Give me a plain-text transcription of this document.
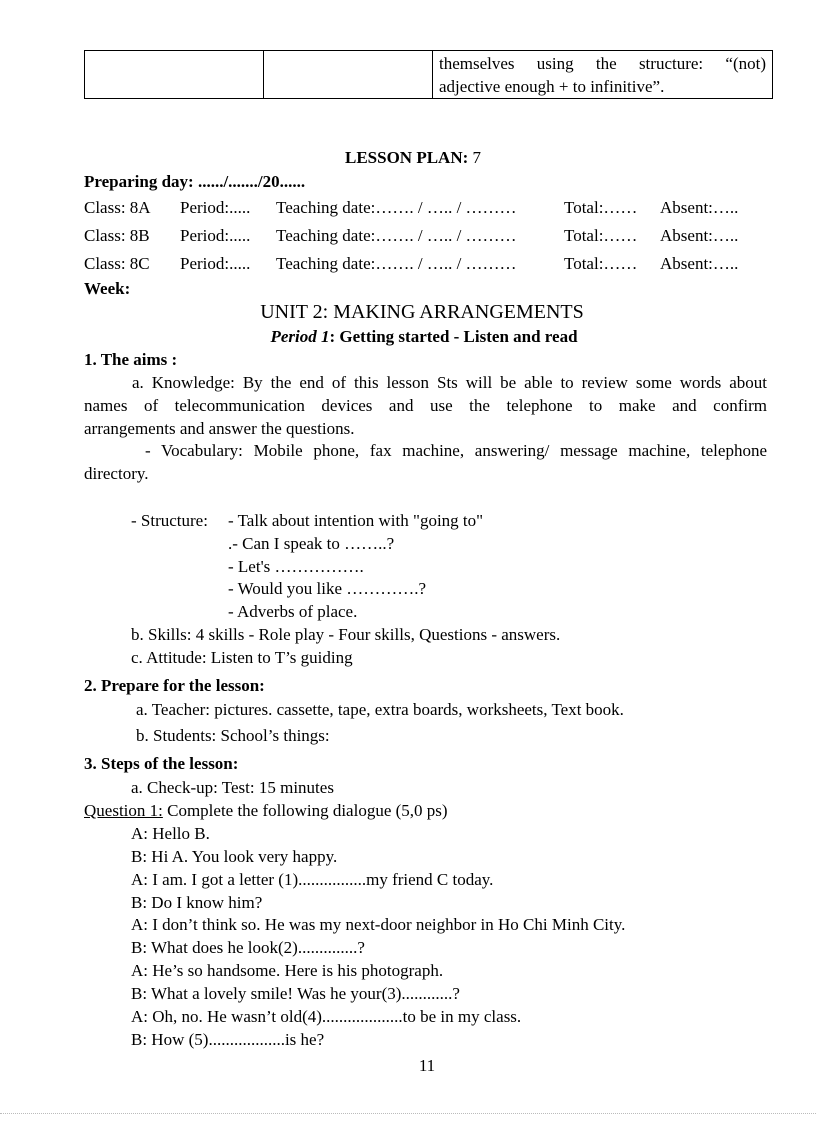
themselves using the structure: “(not)
adjective enough + to infinitive”.
LESSON PLAN: 7
Preparing day: ....../......./20......
Class: 8A Period:..... Teaching date:……. / ….. / ………	Total:…… Absent:…..
Class: 8B Period:..... Teaching date:……. / ….. / ………	Total:…… Absent:…..
Class: 8C Period:..... Teaching date:……. / ….. / ………	Total:…… Absent:…..
Week:
UNIT 2: MAKING ARRANGEMENTS
Period 1: Getting started - Listen and read
1. The aims :
a. Knowledge: By the end of this lesson Sts will be able to review some words about
names of telecommunication devices and use the telephone to make and confirm
arrangements and answer the questions.
- Vocabulary: Mobile phone, fax machine, answering/ message machine, telephone
directory.
- Structure: - Talk about intention with "going to"
.- Can I speak to ……..?
- Let's …………….
- Would you like ………….?
- Adverbs of place.
b. Skills: 4 skills - Role play - Four skills, Questions - answers.
c. Attitude: Listen to T’s guiding
2. Prepare for the lesson:
a. Teacher: pictures. cassette, tape, extra boards, worksheets, Text book.
b. Students: School’s things:
3. Steps of the lesson:
a. Check-up: Test: 15 minutes
Question 1: Complete the following dialogue (5,0 ps)
A: Hello B.
B: Hi A. You look very happy.
A: I am. I got a letter (1)................my friend C today.
B: Do I know him?
A: I don’t think so. He was my next-door neighbor in Ho Chi Minh City.
B: What does he look(2)..............?
A: He’s so handsome. Here is his photograph.
B: What a lovely smile! Was he your(3)............?
A: Oh, no. He wasn’t old(4)...................to be in my class.
B: How (5)..................is he?
11
